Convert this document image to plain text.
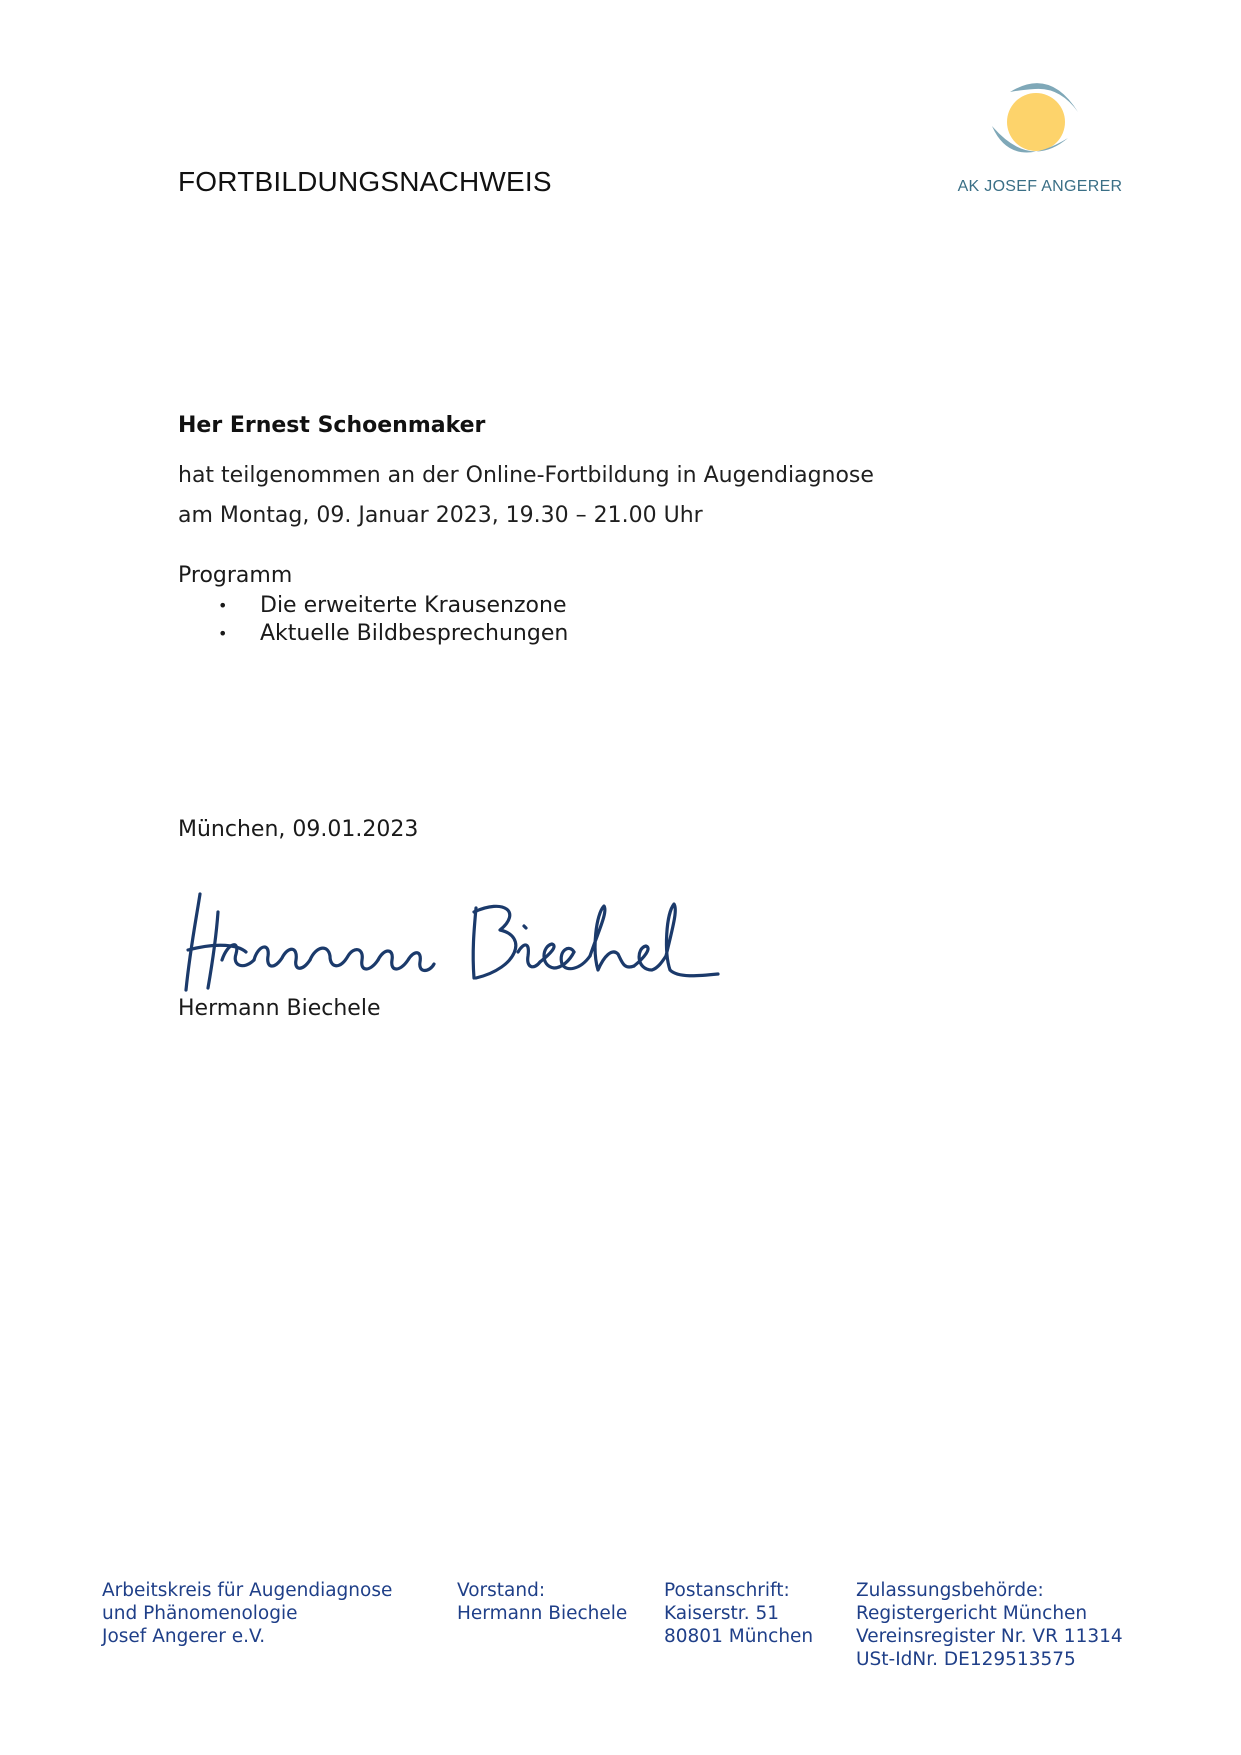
FORTBILDUNGSNACHWEIS	AK JOSEF ANGERER
Her Ernest Schoenmaker
hat teilgenommen an der Online-Fortbildung in Augendiagnose
am Montag, 09. Januar 2023, 19.30 – 21.00 Uhr
Programm
•	Die erweiterte Krausenzone
•	Aktuelle Bildbesprechungen
München, 09.01.2023
Hermann Biechele
Arbeitskreis für Augendiagnose
und Phänomenologie
Josef Angerer e.V.
Vorstand:
Hermann Biechele
Postanschrift:
Kaiserstr. 51
80801 München
Zulassungsbehörde:
Registergericht München
Vereinsregister Nr. VR 11314
USt-IdNr. DE129513575
